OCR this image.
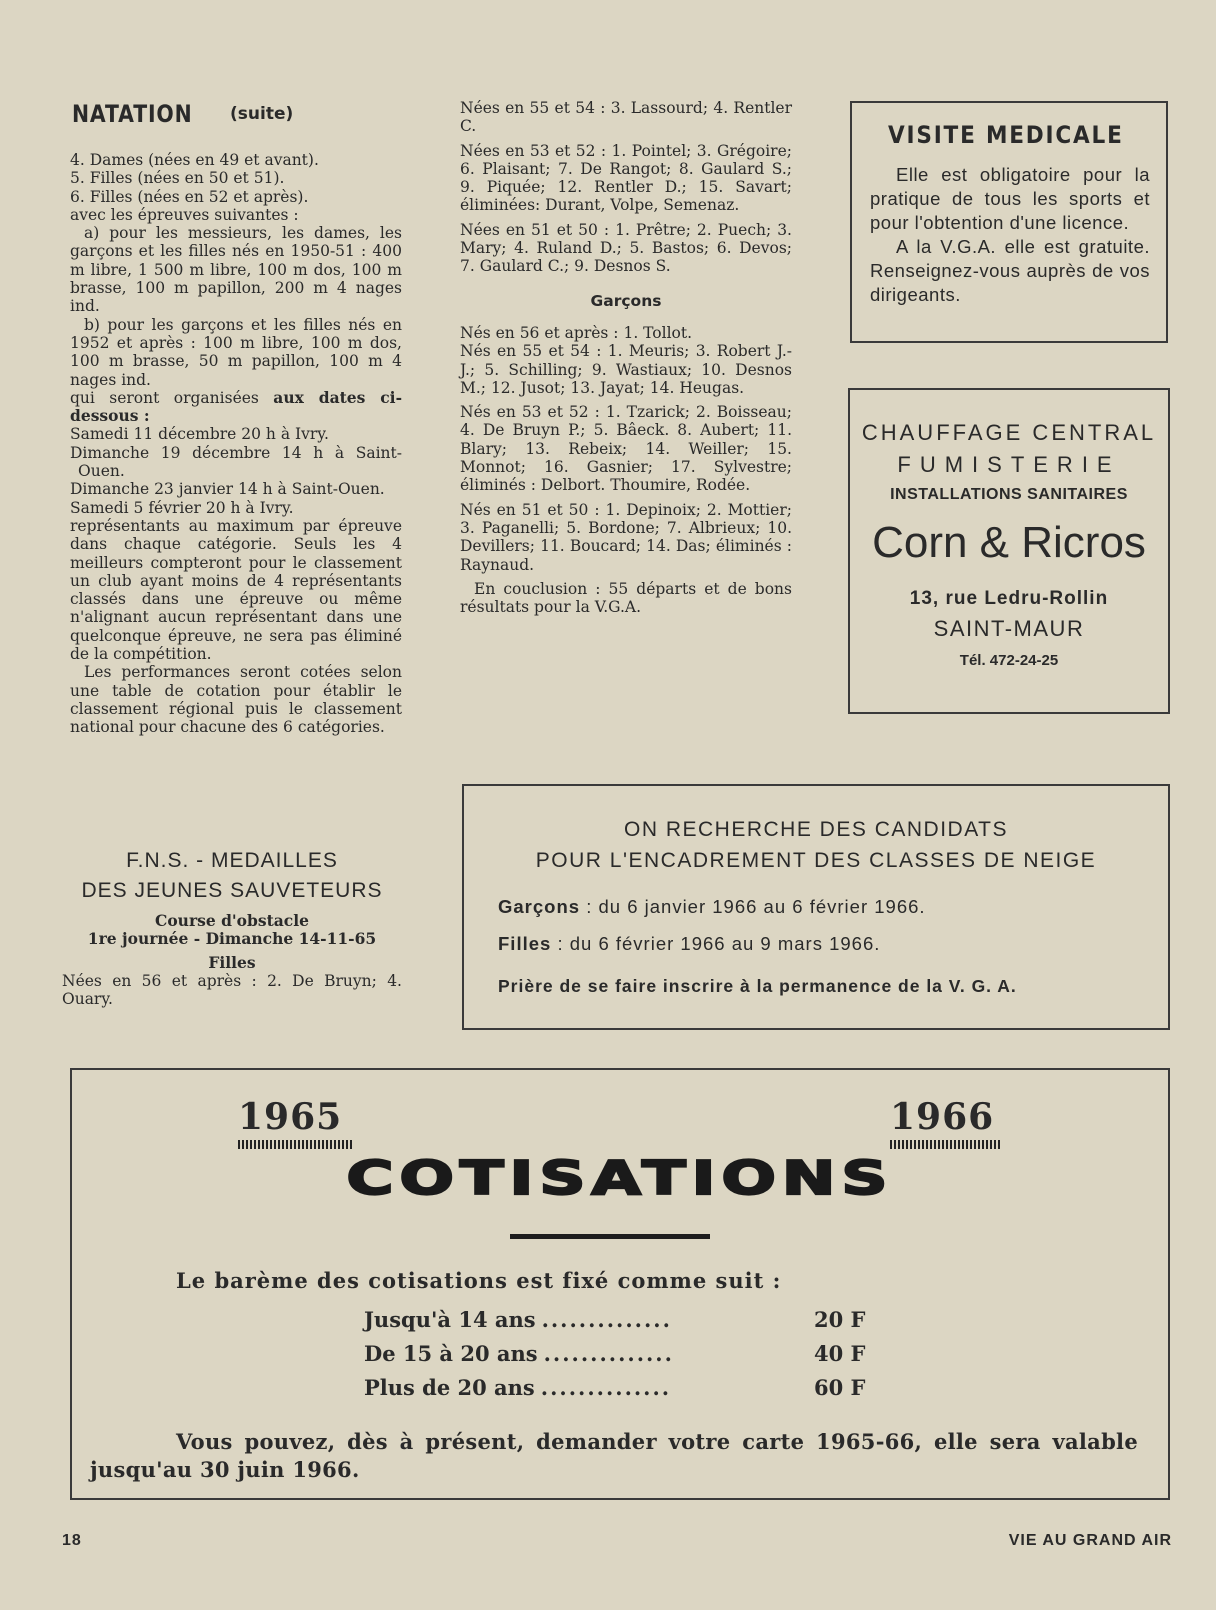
NATATION (suite)

4. Dames (nées en 49 et avant).

5. Filles (nées en 50 et 51).

6. Filles (nées en 52 et après).

avec les épreuves suivantes :

a) pour les messieurs, les dames, les garçons et les filles nés en 1950-51 : 400 m libre, 1 500 m libre, 100 m dos, 100 m brasse, 100 m papillon, 200 m 4 nages ind.

b) pour les garçons et les filles nés en 1952 et après : 100 m libre, 100 m dos, 100 m brasse, 50 m papillon, 100 m 4 nages ind.

qui seront organisées aux dates ci-dessous :

Samedi 11 décembre 20 h à Ivry.

Dimanche 19 décembre 14 h à Saint-Ouen.

Dimanche 23 janvier 14 h à Saint-Ouen.

Samedi 5 février 20 h à Ivry.

représentants au maximum par épreuve dans chaque catégorie. Seuls les 4 meilleurs compteront pour le classement un club ayant moins de 4 représentants classés dans une épreuve ou même n'alignant aucun représentant dans une quelconque épreuve, ne sera pas éliminé de la compétition.

Les performances seront cotées selon une table de cotation pour établir le classement régional puis le classement national pour chacune des 6 catégories.

F.N.S. - MEDAILLES
DES JEUNES SAUVETEURS
Course d'obstacle
1re journée - Dimanche 14-11-65
Filles
Nées en 56 et après : 2. De Bruyn; 4. Ouary.

Nées en 55 et 54 : 3. Lassourd; 4. Rentler C.

Nées en 53 et 52 : 1. Pointel; 3. Grégoire; 6. Plaisant; 7. De Rangot; 8. Gaulard S.; 9. Piquée; 12. Rentler D.; 15. Savart; éliminées: Durant, Volpe, Semenaz.

Nées en 51 et 50 : 1. Prêtre; 2. Puech; 3. Mary; 4. Ruland D.; 5. Bastos; 6. Devos; 7. Gaulard C.; 9. Desnos S.

Garçons

Nés en 56 et après : 1. Tollot.

Nés en 55 et 54 : 1. Meuris; 3. Robert J.-J.; 5. Schilling; 9. Wastiaux; 10. Desnos M.; 12. Jusot; 13. Jayat; 14. Heugas.

Nés en 53 et 52 : 1. Tzarick; 2. Boisseau; 4. De Bruyn P.; 5. Bâeck. 8. Aubert; 11. Blary; 13. Rebeix; 14. Weiller; 15. Monnot; 16. Gasnier; 17. Sylvestre; éliminés : Delbort. Thoumire, Rodée.

Nés en 51 et 50 : 1. Depinoix; 2. Mottier; 3. Paganelli; 5. Bordone; 7. Albrieux; 10. Devillers; 11. Boucard; 14. Das; éliminés : Raynaud.

En couclusion : 55 départs et de bons résultats pour la V.G.A.

VISITE MEDICALE
Elle est obligatoire pour la pratique de tous les sports et pour l'obtention d'une licence.
A la V.G.A. elle est gratuite. Renseignez-vous auprès de vos dirigeants.
CHAUFFAGE CENTRAL
FUMISTERIE
INSTALLATIONS SANITAIRES
Corn & Ricros
13, rue Ledru-Rollin
SAINT-MAUR
Tél. 472-24-25
ON RECHERCHE DES CANDIDATS
POUR L'ENCADREMENT DES CLASSES DE NEIGE
Garçons : du 6 janvier 1966 au 6 février 1966.
Filles : du 6 février 1966 au 9 mars 1966.
Prière de se faire inscrire à la permanence de la V. G. A.
1965	1966
COTISATIONS
Le barème des cotisations est fixé comme suit :
Jusqu'à 14 ans ..............	20 F
De 15 à 20 ans ..............	40 F
Plus de 20 ans ..............	60 F
Vous pouvez, dès à présent, demander votre carte 1965-66, elle sera valable jusqu'au 30 juin 1966.
18	VIE AU GRAND AIR
